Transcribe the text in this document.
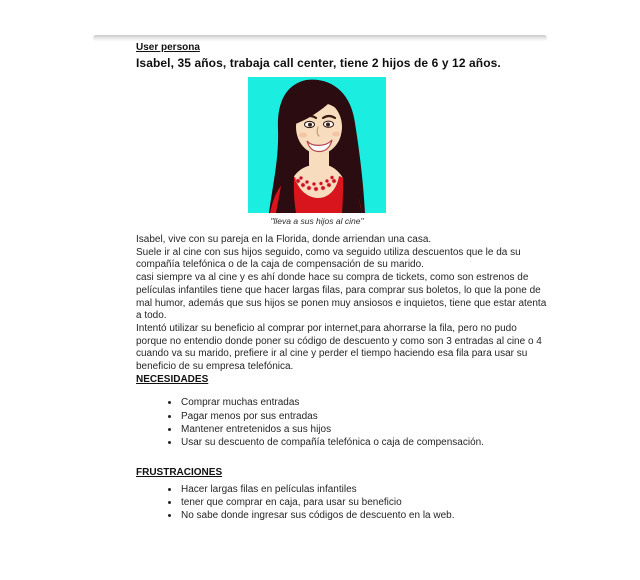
User persona
Isabel, 35 años, trabaja call center, tiene 2 hijos de 6 y 12 años.
"lleva a sus hijos al cine"
Isabel, vive con su pareja en la Florida, donde arriendan una casa.
Suele ir al cine con sus hijos seguido, como va seguido utiliza descuentos que le da su
compañía telefónica o de la caja de compensación de su marido.
casi siempre va al cine y es ahí donde hace su compra de tickets, como son estrenos de
películas infantiles tiene que hacer largas filas, para comprar sus boletos, lo que la pone de
mal humor, además que sus hijos se ponen muy ansiosos e inquietos, tiene que estar atenta
a todo.
Intentó utilizar su beneficio al comprar por internet,para ahorrarse la fila, pero no pudo
porque no entendio donde poner su código de descuento y como son 3 entradas al cine o 4
cuando va su marido, prefiere ir al cine y perder el tiempo haciendo esa fila para usar su
beneficio de su empresa telefónica.
NECESIDADES
• Comprar muchas entradas
• Pagar menos por sus entradas
• Mantener entretenidos a sus hijos
• Usar su descuento de compañía telefónica o caja de compensación.
FRUSTRACIONES
• Hacer largas filas en películas infantiles
• tener que comprar en caja, para usar su beneficio
• No sabe donde ingresar sus códigos de descuento en la web.
